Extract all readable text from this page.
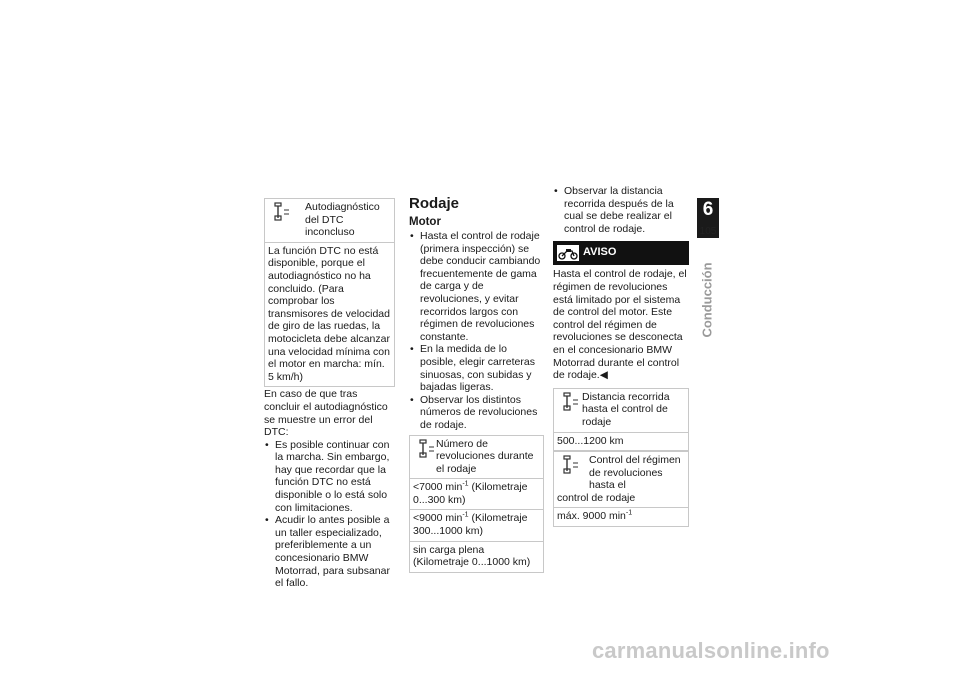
Autodiagnóstico del DTC inconcluso
La función DTC no está disponible, porque el autodiagnóstico no ha concluido. (Para comprobar los transmisores de velocidad de giro de las ruedas, la motocicleta debe alcanzar una velocidad mínima con el motor en marcha: mín. 5 km/h)

En caso de que tras concluir el autodiagnóstico se muestre un error del DTC:

• Es posible continuar con la marcha. Sin embargo, hay que recordar que la función DTC no está disponible o lo está solo con limitaciones.
• Acudir lo antes posible a un taller especializado, preferiblemente a un concesionario BMW Motorrad, para subsanar el fallo.
Rodaje
Motor
• Hasta el control de rodaje (primera inspección) se debe conducir cambiando frecuentemente de gama de carga y de revoluciones, y evitar recorridos largos con régimen de revoluciones constante.
• En la medida de lo posible, elegir carreteras sinuosas, con subidas y bajadas ligeras.
• Observar los distintos números de revoluciones de rodaje.
Número de revoluciones durante el rodaje
<7000 $\min^{-1}$ (Kilometraje 0...300 km)
<9000 $\min^{-1}$ (Kilometraje 300...1000 km)
sin carga plena (Kilometraje 0...1000 km)
• Observar la distancia recorrida después de la cual se debe realizar el control de rodaje.
AVISO

Hasta el control de rodaje, el régimen de revoluciones está limitado por el sistema de control del motor. Este control del régimen de revoluciones se desconecta en el concesionario BMW Motorrad durante el control de rodaje.◀

Distancia recorrida hasta el control de rodaje
500...1200 km
Control del régimen de revoluciones hasta el
control de rodaje
máx. 9000 $\min^{-1}$
6
105
Conducción
carmanualsonline.info
